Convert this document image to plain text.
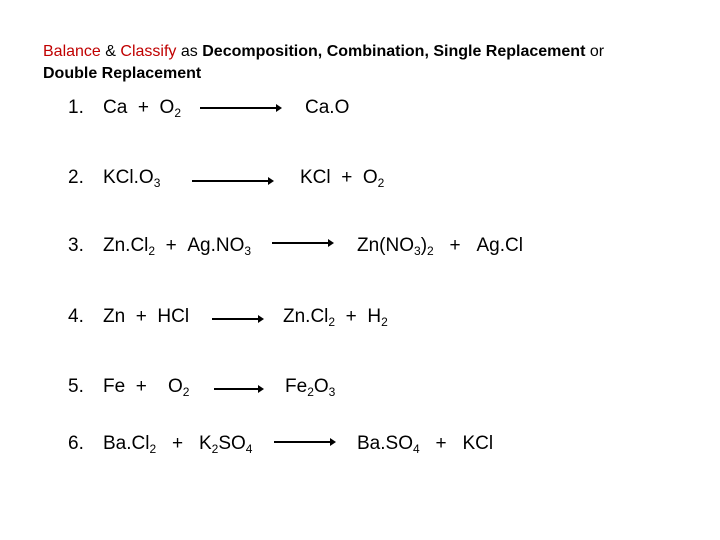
Balance & Classify as Decomposition, Combination, Single Replacement or
Double Replacement
1. $Ca + O_2$	Ca.O
2. $KCl.O_3$	KCl + $O_2$
3. $Zn.Cl_2 + Ag.NO_3$	$Zn(NO_3)_2 + Ag.Cl$
4. Zn + HCl → $Zn.Cl_2 + H_2$
5. $Fe + O_2 \to Fe_2O_3$
6. $Ba.Cl_2 + K_2SO_4 \to Ba.SO_4$ + KCl
